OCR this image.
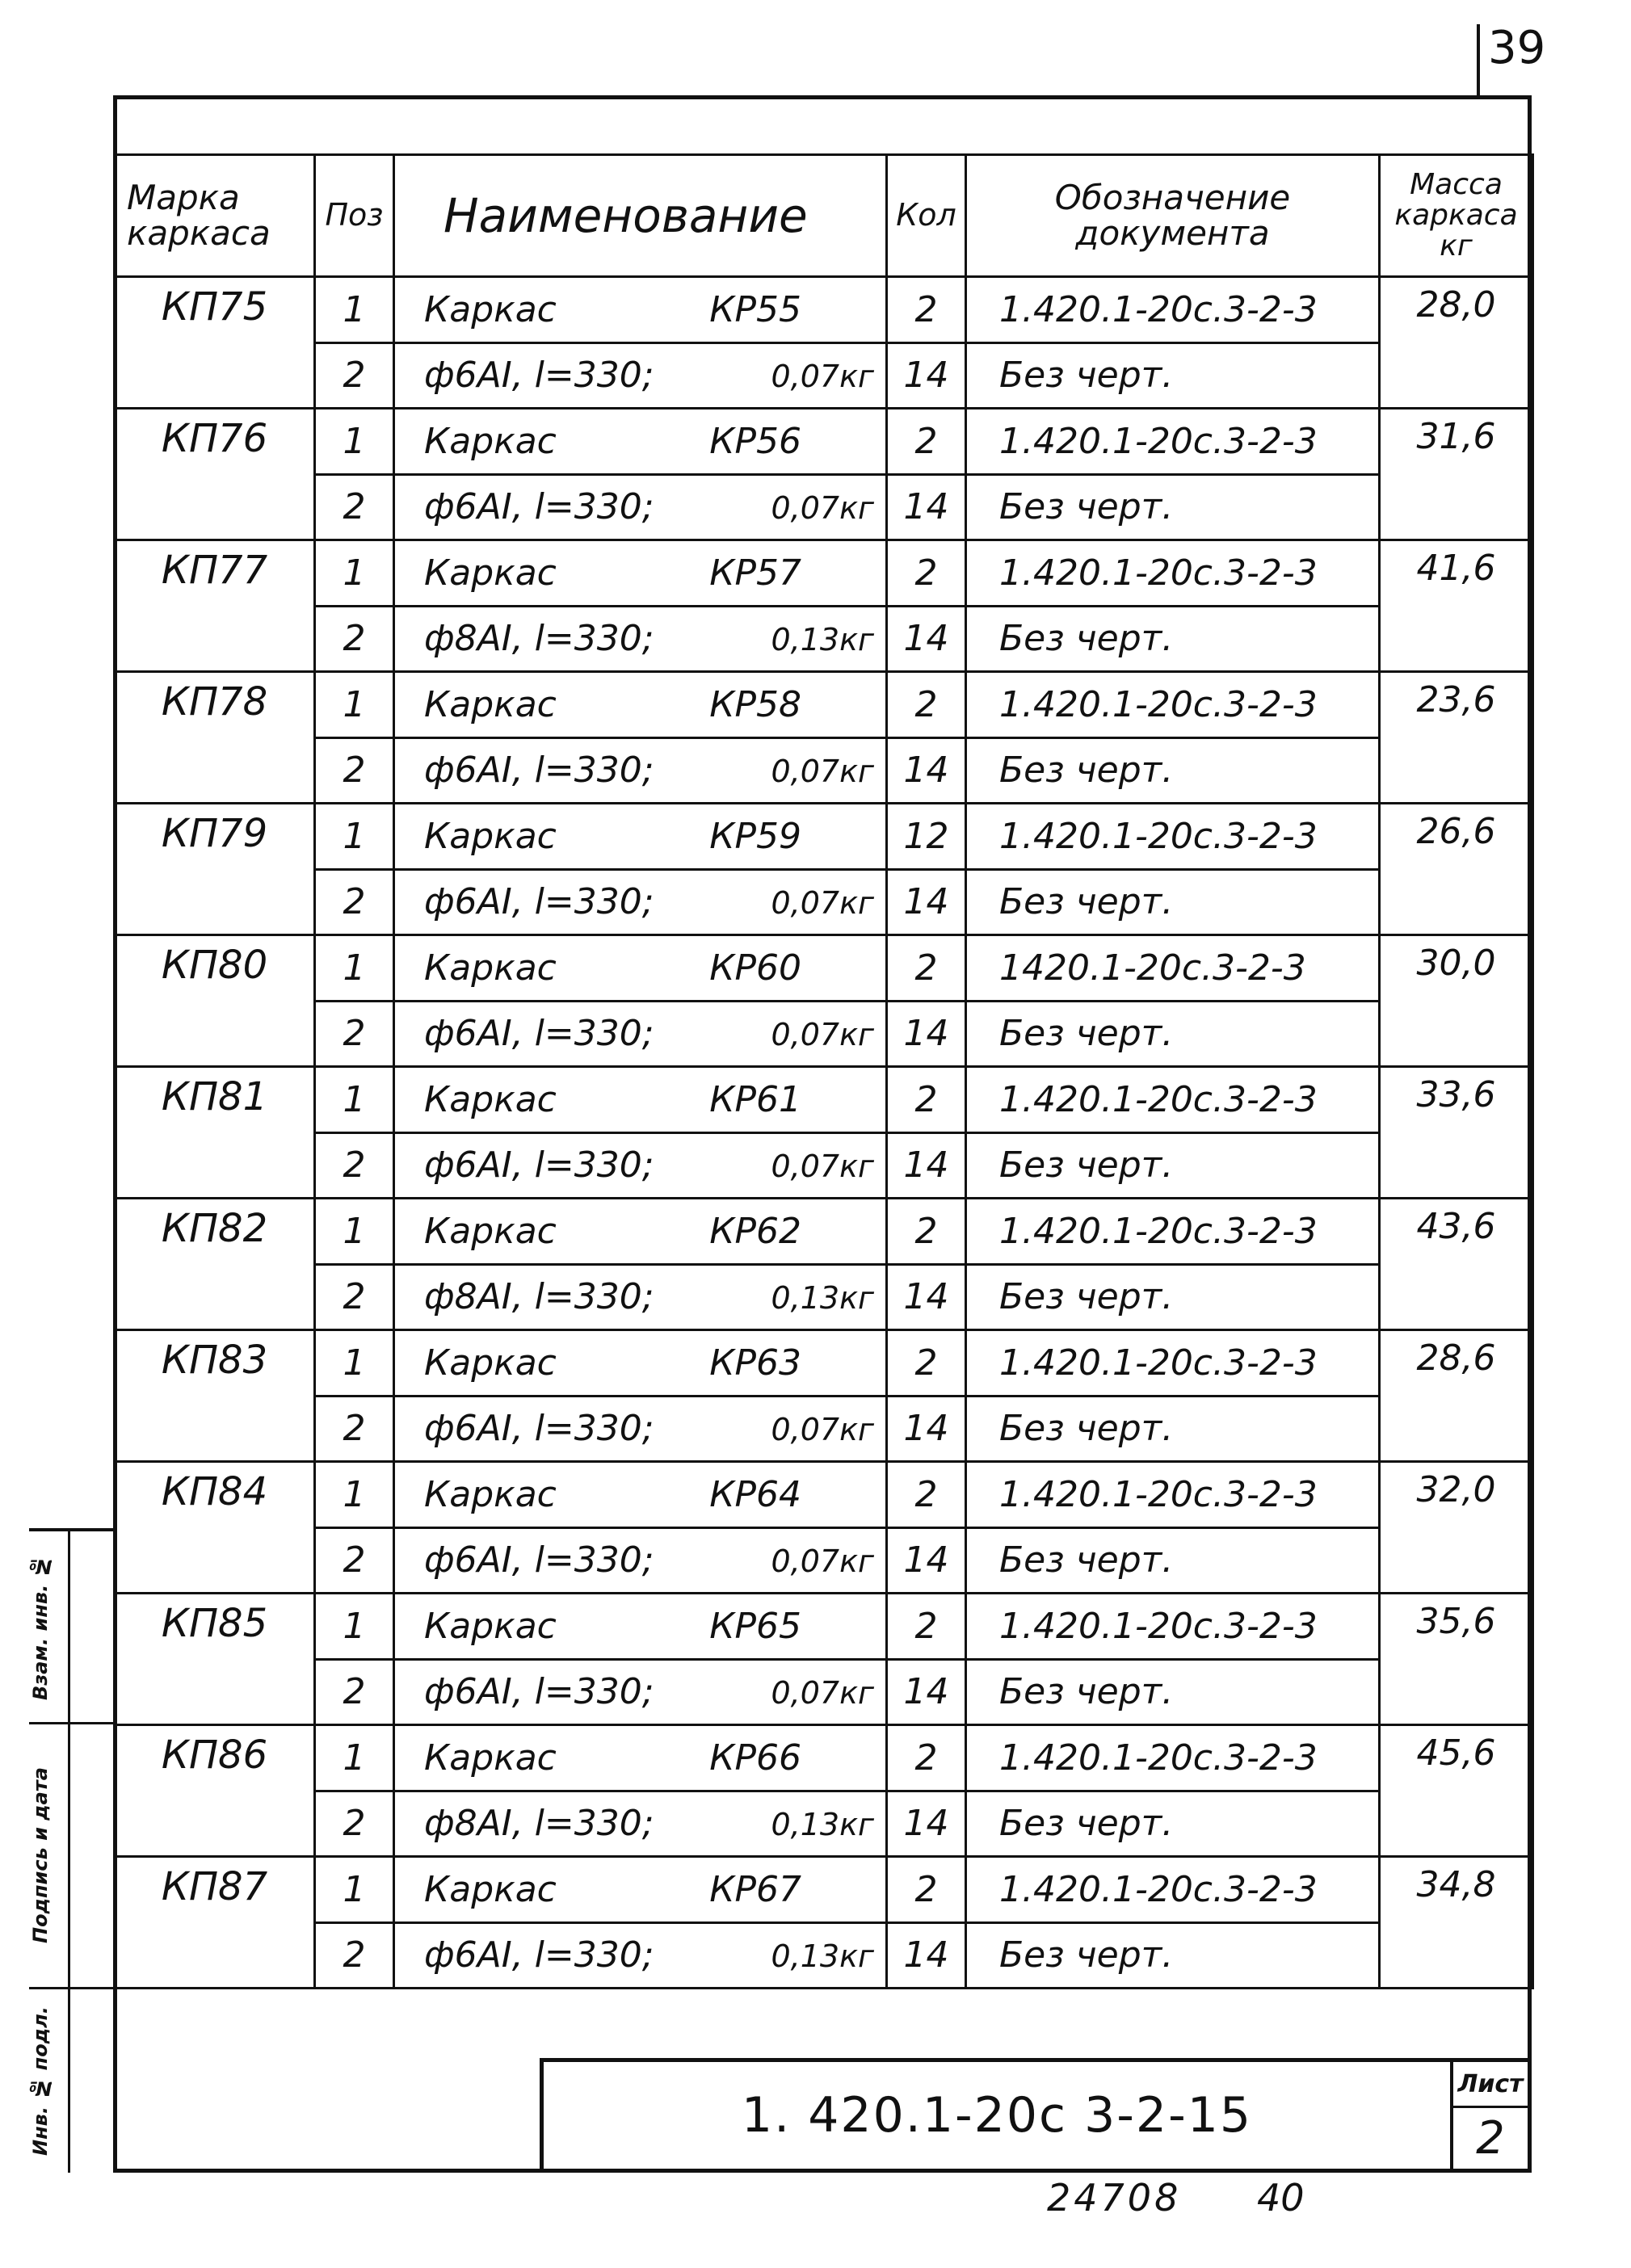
39
Марка каркаса	Поз	Наименование	Кол	Обозначение документа	Масса каркаса кг
КП75	1	Каркас КР55	2	1.420.1-20с.3-2-3	28,0
	2	ф6АI, l=330; 0,07кг	14	Без черт.	
КП76	1	Каркас КР56	2	1.420.1-20с.3-2-3	31,6
	2	ф6АI, l=330; 0,07кг	14	Без черт.	
КП77	1	Каркас КР57	2	1.420.1-20с.3-2-3	41,6
	2	ф8АI, l=330; 0,13кг	14	Без черт.	
КП78	1	Каркас КР58	2	1.420.1-20с.3-2-3	23,6
	2	ф6АI, l=330; 0,07кг	14	Без черт.	
КП79	1	Каркас КР59	12	1.420.1-20с.3-2-3	26,6
	2	ф6АI, l=330; 0,07кг	14	Без черт.	
КП80	1	Каркас КР60	2	1420.1-20с.3-2-3	30,0
	2	ф6АI, l=330; 0,07кг	14	Без черт.	
КП81	1	Каркас КР61	2	1.420.1-20с.3-2-3	33,6
	2	ф6АI, l=330; 0,07кг	14	Без черт.	
КП82	1	Каркас КР62	2	1.420.1-20с.3-2-3	43,6
	2	ф8АI, l=330; 0,13кг	14	Без черт.	
КП83	1	Каркас КР63	2	1.420.1-20с.3-2-3	28,6
	2	ф6АI, l=330; 0,07кг	14	Без черт.	
КП84	1	Каркас КР64	2	1.420.1-20с.3-2-3	32,0
	2	ф6АI, l=330; 0,07кг	14	Без черт.	
КП85	1	Каркас КР65	2	1.420.1-20с.3-2-3	35,6
	2	ф6АI, l=330; 0,07кг	14	Без черт.	
КП86	1	Каркас КР66	2	1.420.1-20с.3-2-3	45,6
	2	ф8АI, l=330; 0,13кг	14	Без черт.	
КП87	1	Каркас КР67	2	1.420.1-20с.3-2-3	34,8
	2	ф6АI, l=330; 0,13кг	14	Без черт.	
Взам. инв. №
Подпись и дата
Инв. № подл.	1. 420.1-20с 3-2-15
Лист
2
24708 40
